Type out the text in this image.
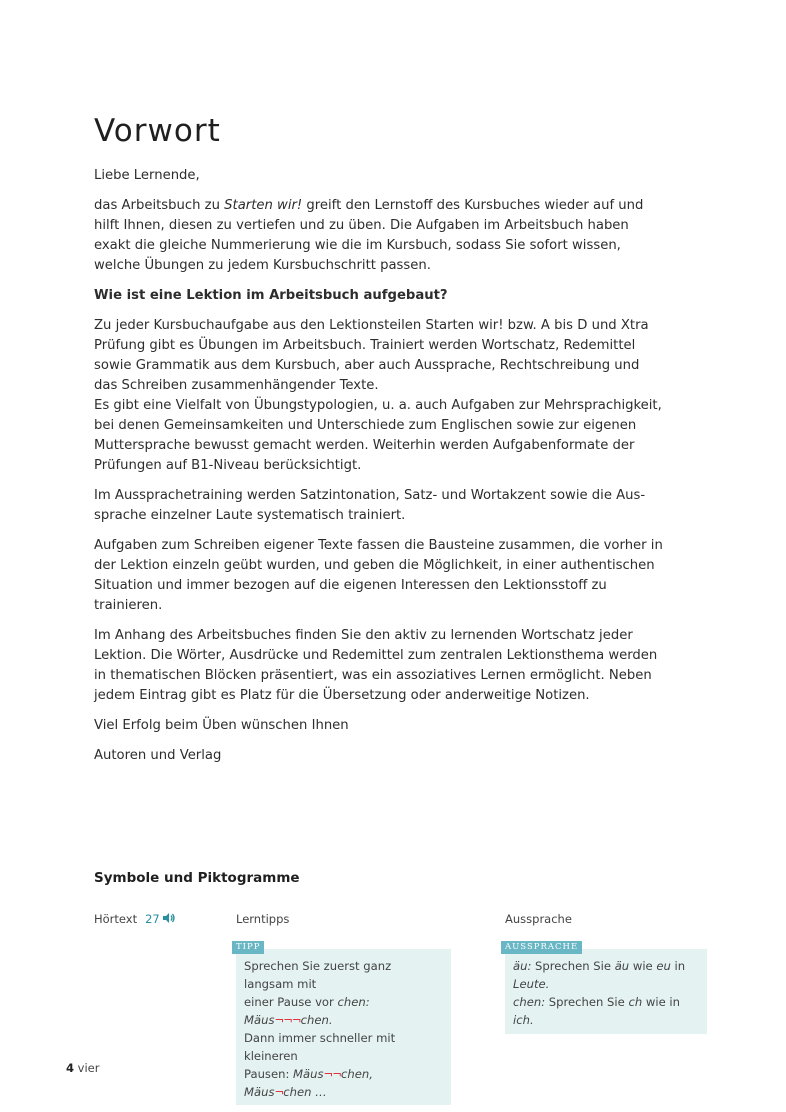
Vorwort

Liebe Lernende,

das Arbeitsbuch zu Starten wir! greift den Lernstoff des Kursbuches wieder auf und hilft Ihnen, diesen zu vertiefen und zu üben. Die Aufgaben im Arbeitsbuch haben exakt die gleiche Nummerierung wie die im Kursbuch, sodass Sie sofort wissen, welche Übungen zu jedem Kursbuchschritt passen.

Wie ist eine Lektion im Arbeitsbuch aufgebaut?

Zu jeder Kursbuchaufgabe aus den Lektionsteilen Starten wir! bzw. A bis D und Xtra Prüfung gibt es Übungen im Arbeitsbuch. Trainiert werden Wortschatz, Redemittel sowie Grammatik aus dem Kursbuch, aber auch Aussprache, Rechtschreibung und das Schreiben zusammenhängender Texte.
Es gibt eine Vielfalt von Übungstypologien, u. a. auch Aufgaben zur Mehrsprachigkeit, bei denen Gemeinsamkeiten und Unterschiede zum Englischen sowie zur eigenen Muttersprache bewusst gemacht werden. Weiterhin werden Aufgabenformate der Prüfungen auf B1-Niveau berücksichtigt.

Im Aussprachetraining werden Satzintonation, Satz- und Wortakzent sowie die Aussprache einzelner Laute systematisch trainiert.

Aufgaben zum Schreiben eigener Texte fassen die Bausteine zusammen, die vorher in der Lektion einzeln geübt wurden, und geben die Möglichkeit, in einer authentischen Situation und immer bezogen auf die eigenen Interessen den Lektionsstoff zu trainieren.

Im Anhang des Arbeitsbuches finden Sie den aktiv zu lernenden Wortschatz jeder Lektion. Die Wörter, Ausdrücke und Redemittel zum zentralen Lektionsthema werden in thematischen Blöcken präsentiert, was ein assoziatives Lernen ermöglicht. Neben jedem Eintrag gibt es Platz für die Übersetzung oder anderweitige Notizen.

Viel Erfolg beim Üben wünschen Ihnen

Autoren und Verlag

Symbole und Piktogramme
Hörtext 27	Lerntipps	Aussprache
TIPP
Sprechen Sie zuerst ganz langsam mit
einer Pause vor chen: Mäus¬¬¬chen.
Dann immer schneller mit kleineren
Pausen: Mäus¬¬chen, Mäus¬chen …
AUSSPRACHE
äu: Sprechen Sie äu wie eu in Leute.
chen: Sprechen Sie ch wie in ich.
4 vier
